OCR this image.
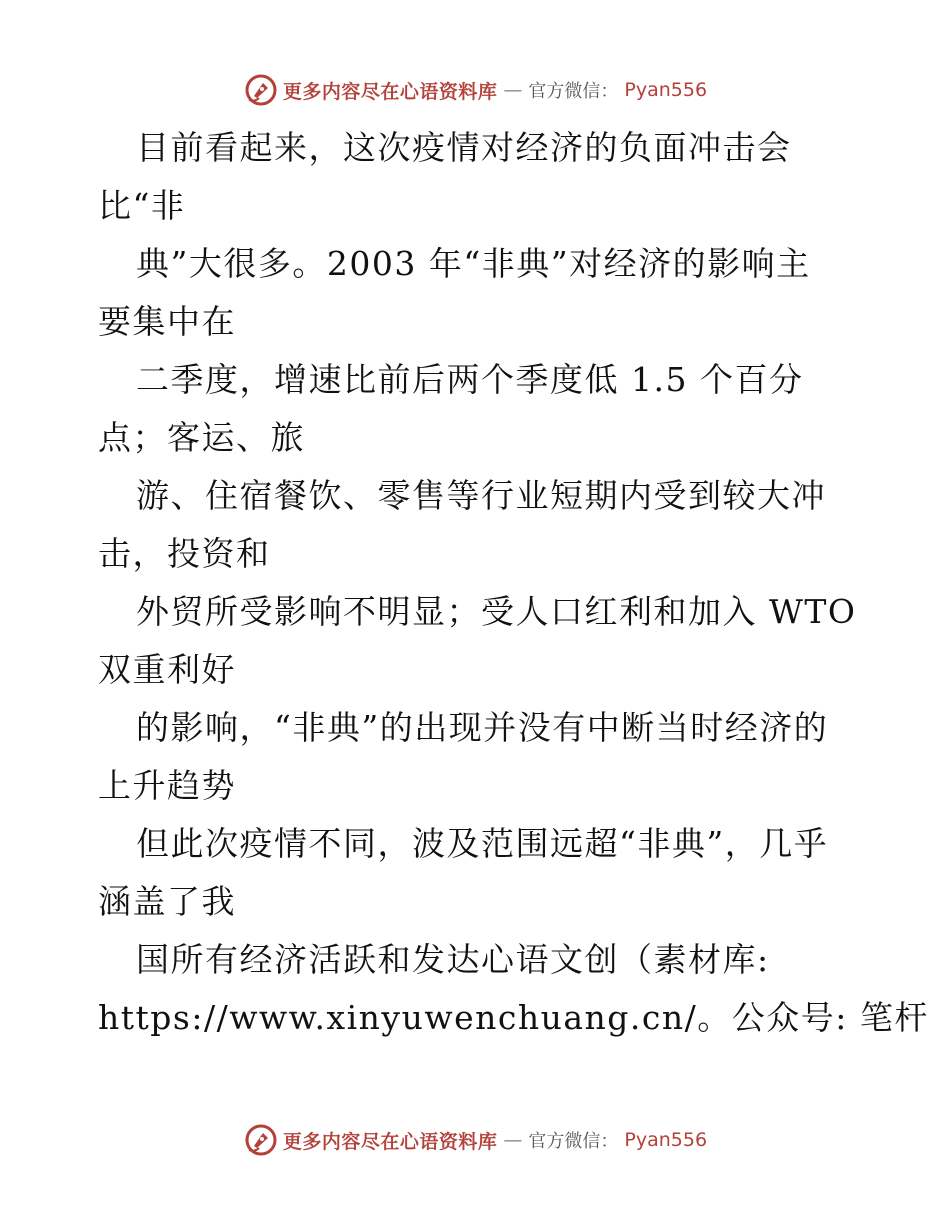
更多内容尽在心语资料库 — 官方微信： Pyan556
目前看起来，这次疫情对经济的负面冲击会
比“非
典”大很多。2003 年“非典”对经济的影响主
要集中在
二季度，增速比前后两个季度低 1.5 个百分
点；客运、旅
游、住宿餐饮、零售等行业短期内受到较大冲
击，投资和
外贸所受影响不明显；受人口红利和加入 WTO
双重利好
的影响，“非典”的出现并没有中断当时经济的
上升趋势
但此次疫情不同，波及范围远超“非典”，几乎
涵盖了我
国所有经济活跃和发达心语文创（素材库:
https://www.xinyuwenchuang.cn/。公众号: 笔杆
更多内容尽在心语资料库 — 官方微信： Pyan556
